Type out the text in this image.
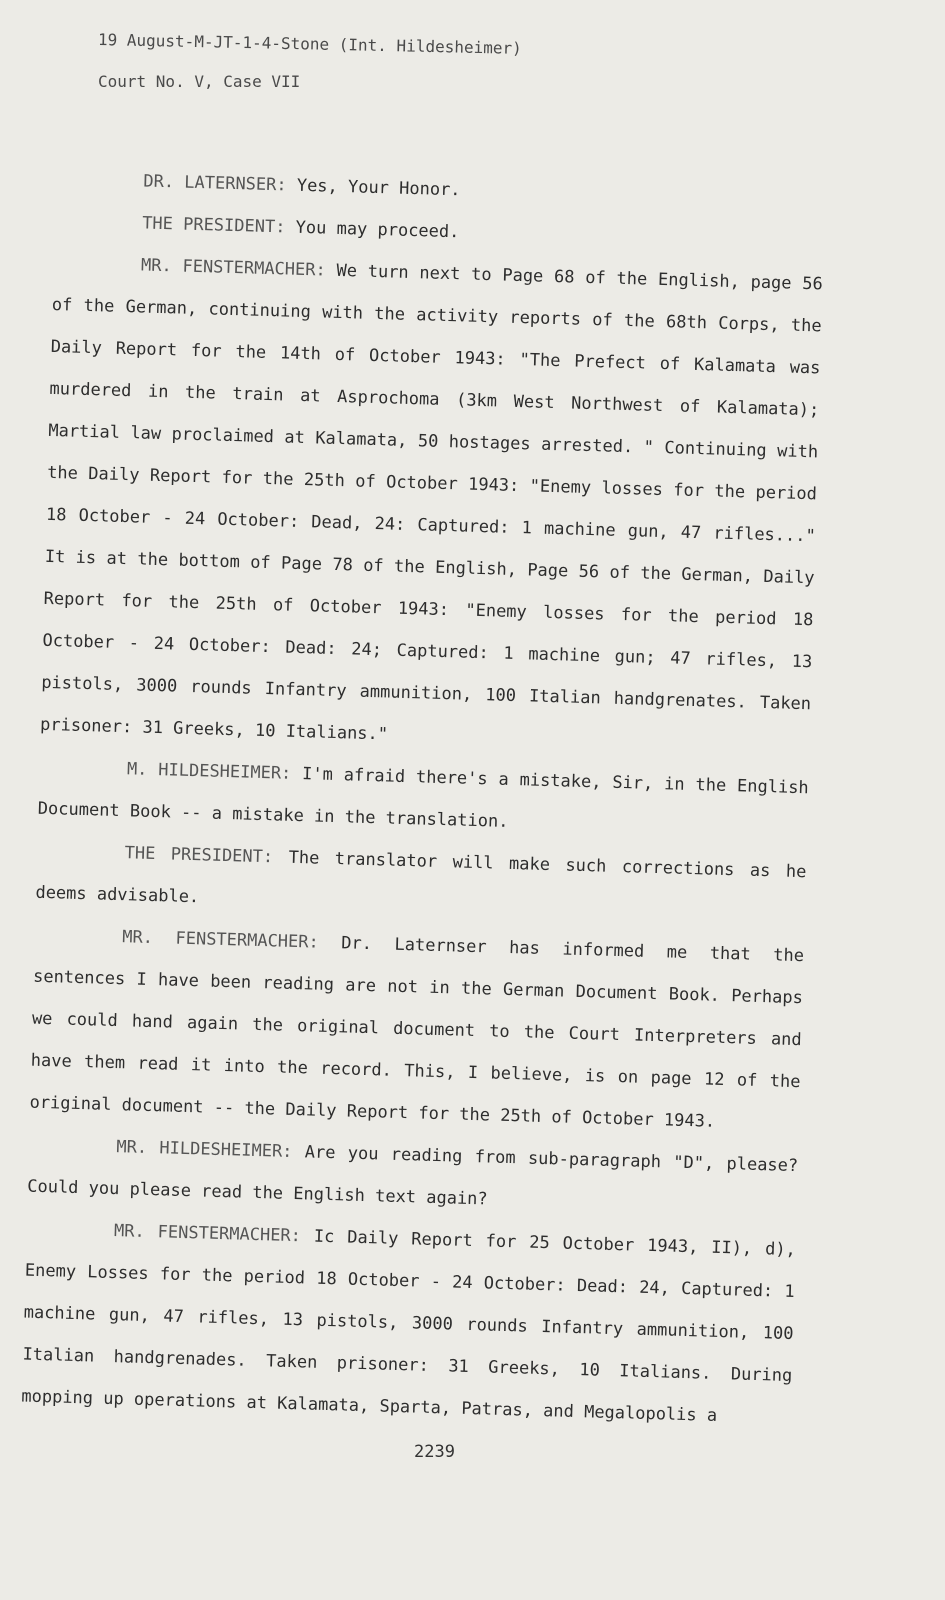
19 August-M-JT-1-4-Stone (Int. Hildesheimer)
Court No. V, Case VII

DR. LATERNSER: Yes, Your Honor.

THE PRESIDENT: You may proceed.

MR. FENSTERMACHER: We turn next to Page 68 of the English, page 56 of the German, continuing with the activity reports of the 68th Corps, the Daily Report for the 14th of October 1943: "The Prefect of Kalamata was murdered in the train at Asprochoma (3km West Northwest of Kalamata); Martial law proclaimed at Kalamata, 50 hostages arrested. " Continuing with the Daily Report for the 25th of October 1943: "Enemy losses for the period 18 October - 24 October: Dead, 24: Captured: 1 machine gun, 47 rifles..." It is at the bottom of Page 78 of the English, Page 56 of the German, Daily Report for the 25th of October 1943: "Enemy losses for the period 18 October - 24 October: Dead: 24; Captured: 1 machine gun; 47 rifles, 13 pistols, 3000 rounds Infantry ammunition, 100 Italian handgrenates. Taken prisoner: 31 Greeks, 10 Italians."

M. HILDESHEIMER: I'm afraid there's a mistake, Sir, in the English Document Book -- a mistake in the translation.

THE PRESIDENT: The translator will make such corrections as he deems advisable.

MR. FENSTERMACHER: Dr. Laternser has informed me that the sentences I have been reading are not in the German Document Book. Perhaps we could hand again the original document to the Court Interpreters and have them read it into the record. This, I believe, is on page 12 of the original document -- the Daily Report for the 25th of October 1943.

MR. HILDESHEIMER: Are you reading from sub-paragraph "D", please? Could you please read the English text again?

MR. FENSTERMACHER: Ic Daily Report for 25 October 1943, II), d), Enemy Losses for the period 18 October - 24 October: Dead: 24, Captured: 1 machine gun, 47 rifles, 13 pistols, 3000 rounds Infantry ammunition, 100 Italian handgrenades. Taken prisoner: 31 Greeks, 10 Italians. During mopping up operations at Kalamata, Sparta, Patras, and Megalopolis a

2239
